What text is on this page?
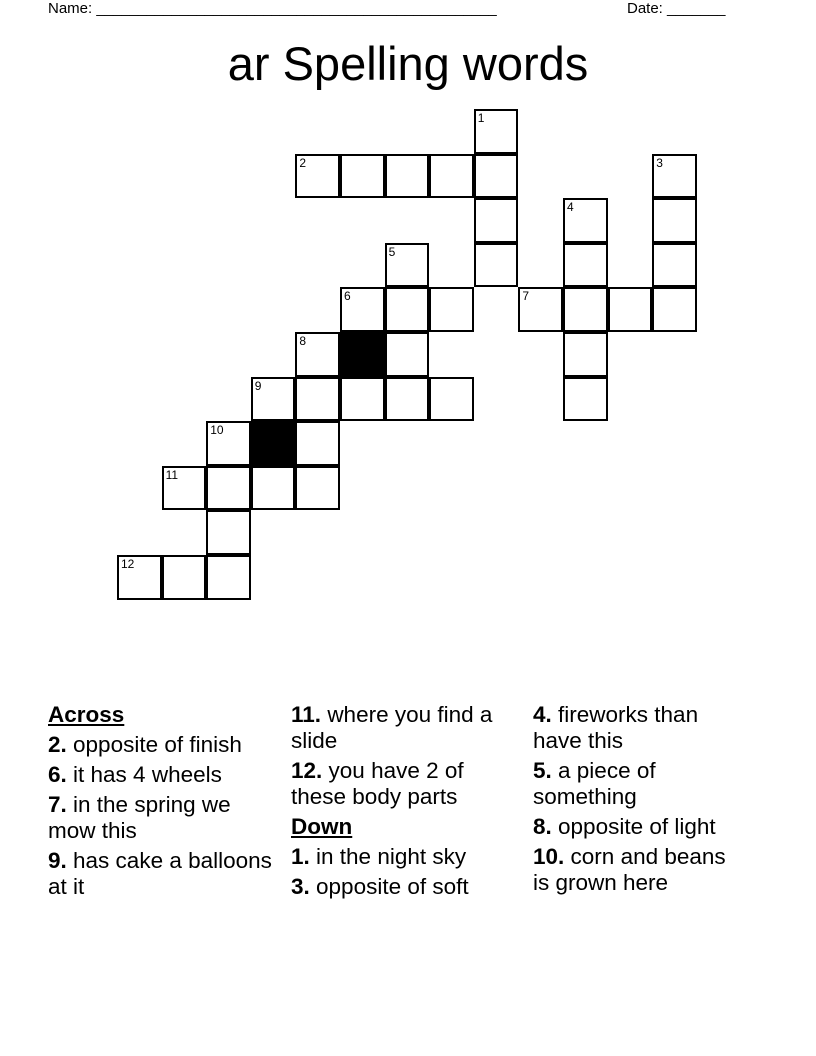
Name: ________________________________________________	Date: _______
ar Spelling words
1
2	3
4
5
6	7
8
9
10
11
12
Across
2. opposite of finish
6. it has 4 wheels
7. in the spring we mow this
9. has cake a balloons at it
11. where you find a slide
12. you have 2 of these body parts
Down
1. in the night sky
3. opposite of soft
4. fireworks than have this
5. a piece of something
8. opposite of light
10. corn and beans is grown here
